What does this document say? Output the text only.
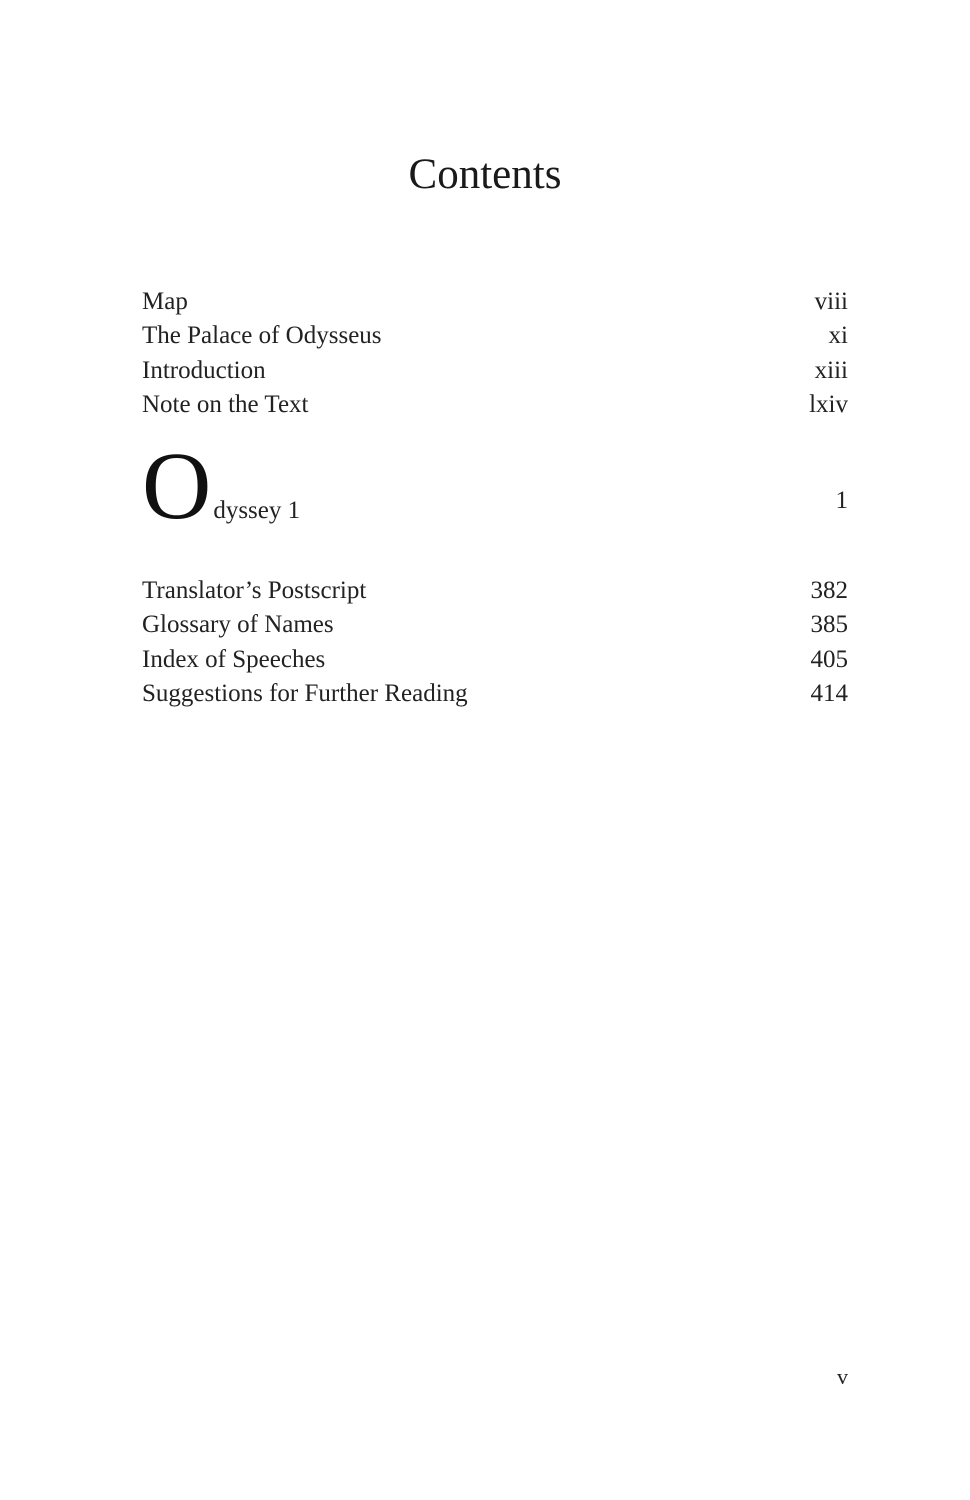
Contents
Map	viii
The Palace of Odysseus	xi
Introduction	xiii
Note on the Text	lxiv
O dyssey 1	1
Translator’s Postscript	382
Glossary of Names	385
Index of Speeches	405
Suggestions for Further Reading	414
v
